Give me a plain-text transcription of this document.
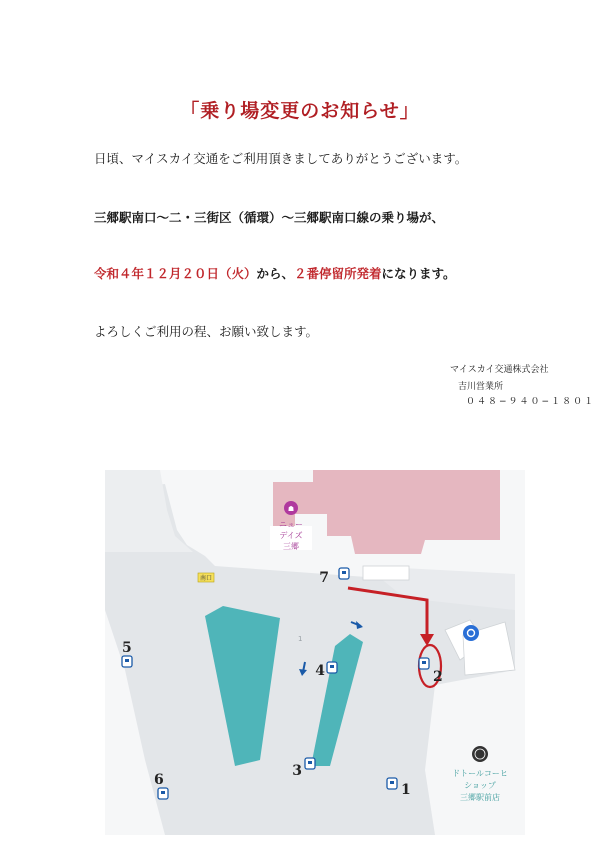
「乗り場変更のお知らせ」
日頃、マイスカイ交通をご利用頂きましてありがとうございます。
三郷駅南口〜二・三街区（循環）〜三郷駅南口線の乗り場が、
令和４年１２月２０日（火）から、２番停留所発着になります。
よろしくご利用の程、お願い致します。
マイスカイ交通株式会社
吉川営業所
０４８−９４０−１８０１
☗
ニュー
デイズ
三郷
南口
1
ドトールコーヒ
ショップ
三郷駅前店
7
2
4
5
3
6
1
